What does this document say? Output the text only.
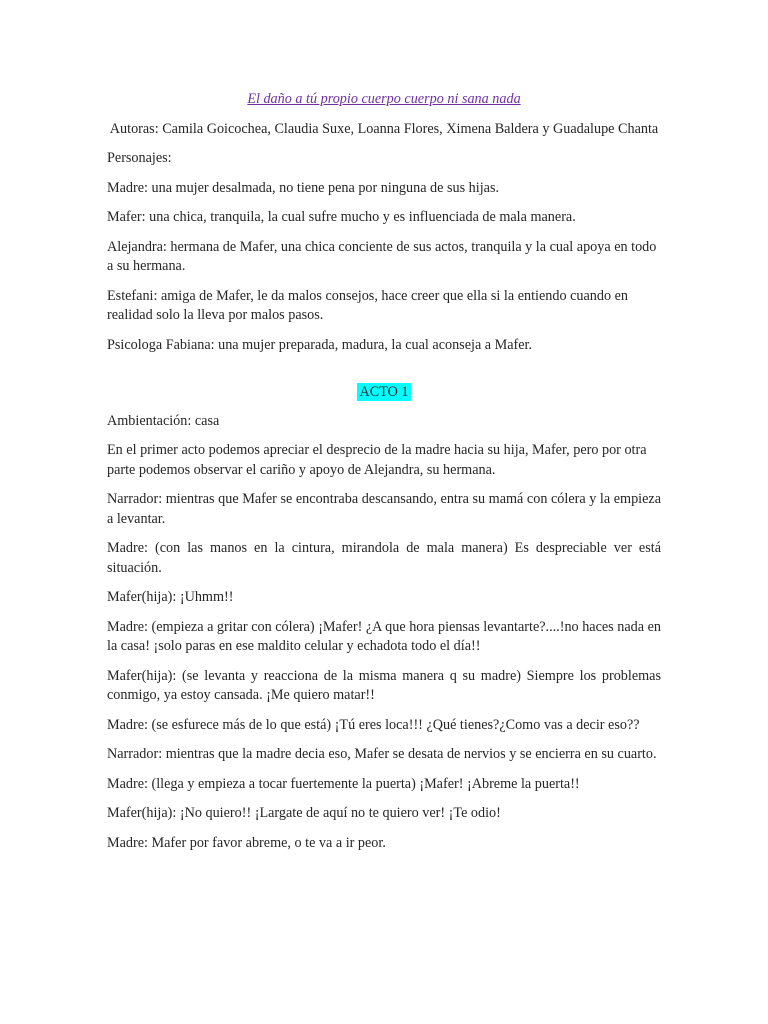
El daño a tú propio cuerpo cuerpo ni sana nada

Autoras: Camila Goicochea, Claudia Suxe, Loanna Flores, Ximena Baldera y Guadalupe Chanta

Personajes:

Madre: una mujer desalmada, no tiene pena por ninguna de sus hijas.

Mafer: una chica, tranquila, la cual sufre mucho y es influenciada de mala manera.

Alejandra: hermana de Mafer, una chica conciente de sus actos, tranquila y la cual apoya en todo a su hermana.

Estefani: amiga de Mafer, le da malos consejos, hace creer que ella si la entiendo cuando en realidad solo la lleva por malos pasos.

Psicologa Fabiana: una mujer preparada, madura, la cual aconseja a Mafer.

ACTO 1

Ambientación: casa

En el primer acto podemos apreciar el desprecio de la madre hacia su hija, Mafer, pero por otra parte podemos observar el cariño y apoyo de Alejandra, su hermana.

Narrador: mientras que Mafer se encontraba descansando, entra su mamá con cólera y la empieza a levantar.

Madre: (con las manos en la cintura, mirandola de mala manera) Es despreciable ver está situación.

Mafer(hija): ¡Uhmm!!

Madre: (empieza a gritar con cólera) ¡Mafer! ¿A que hora piensas levantarte?....!no haces nada en la casa! ¡solo paras en ese maldito celular y echadota todo el día!!

Mafer(hija): (se levanta y reacciona de la misma manera q su madre) Siempre los problemas conmigo, ya estoy cansada. ¡Me quiero matar!!

Madre: (se esfurece más de lo que está) ¡Tú eres loca!!! ¿Qué tienes?¿Como vas a decir eso??

Narrador: mientras que la madre decia eso, Mafer se desata de nervios y se encierra en su cuarto.

Madre: (llega y empieza a tocar fuertemente la puerta) ¡Mafer! ¡Abreme la puerta!!

Mafer(hija): ¡No quiero!! ¡Largate de aquí no te quiero ver! ¡Te odio!

Madre: Mafer por favor abreme, o te va a ir peor.
